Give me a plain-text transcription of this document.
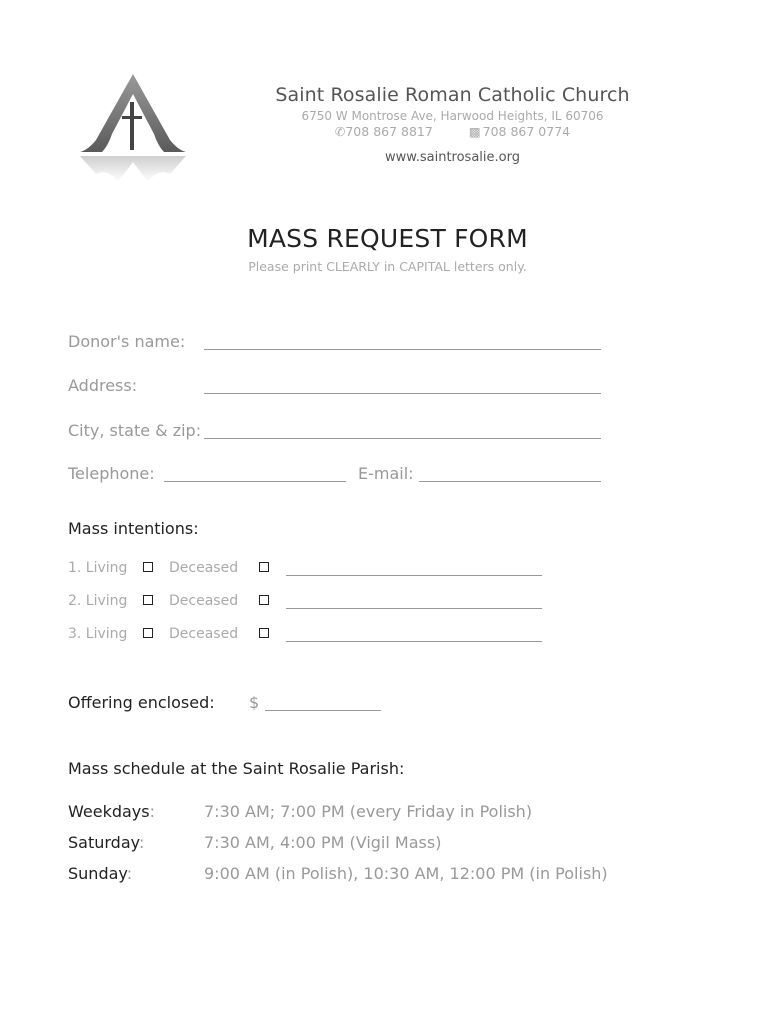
Saint Rosalie Roman Catholic Church
6750 W Montrose Ave, Harwood Heights, IL 60706
✆708 867 8817	▩ 708 867 0774
www.saintrosalie.org
MASS REQUEST FORM
Please print CLEARLY in CAPITAL letters only.
Donor's name:
Address:
City, state & zip:
Telephone:	E-mail:
Mass intentions:
1. Living	Deceased
2. Living	Deceased
3. Living	Deceased
Offering enclosed: $
Mass schedule at the Saint Rosalie Parish:
Weekdays:	7:30 AM; 7:00 PM (every Friday in Polish)
Saturday:	7:30 AM, 4:00 PM (Vigil Mass)
Sunday:	9:00 AM (in Polish), 10:30 AM, 12:00 PM (in Polish)
